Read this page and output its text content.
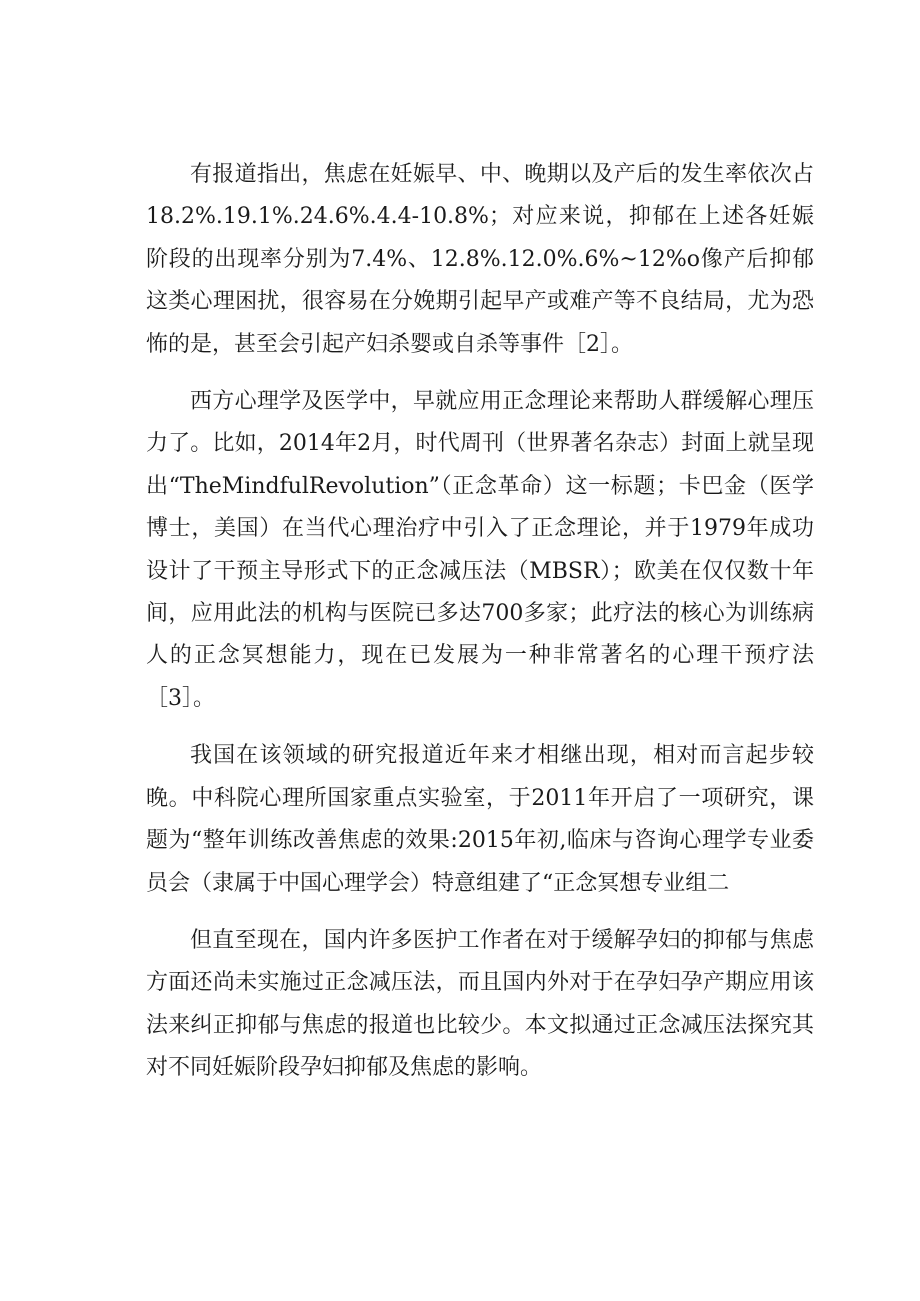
有报道指出，焦虑在妊娠早、中、晚期以及产后的发生率依次占18.2%.19.1%.24.6%.4.4-10.8%；对应来说，抑郁在上述各妊娠阶段的出现率分别为7.4%、12.8%.12.0%.6%~12%o像产后抑郁这类心理困扰，很容易在分娩期引起早产或难产等不良结局，尤为恐怖的是，甚至会引起产妇杀婴或自杀等事件［2］。

西方心理学及医学中，早就应用正念理论来帮助人群缓解心理压力了。比如，2014年2月，时代周刊（世界著名杂志）封面上就呈现出“TheMindfulRevolution”（正念革命）这一标题；卡巴金（医学博士，美国）在当代心理治疗中引入了正念理论，并于1979年成功设计了干预主导形式下的正念减压法（MBSR）；欧美在仅仅数十年间，应用此法的机构与医院已多达700多家；此疗法的核心为训练病人的正念冥想能力，现在已发展为一种非常著名的心理干预疗法［3］。

我国在该领域的研究报道近年来才相继出现，相对而言起步较晚。中科院心理所国家重点实验室，于2011年开启了一项研究，课题为“整年训练改善焦虑的效果:2015年初,临床与咨询心理学专业委员会（隶属于中国心理学会）特意组建了“正念冥想专业组二

但直至现在，国内许多医护工作者在对于缓解孕妇的抑郁与焦虑方面还尚未实施过正念减压法，而且国内外对于在孕妇孕产期应用该法来纠正抑郁与焦虑的报道也比较少。本文拟通过正念减压法探究其对不同妊娠阶段孕妇抑郁及焦虑的影响。
